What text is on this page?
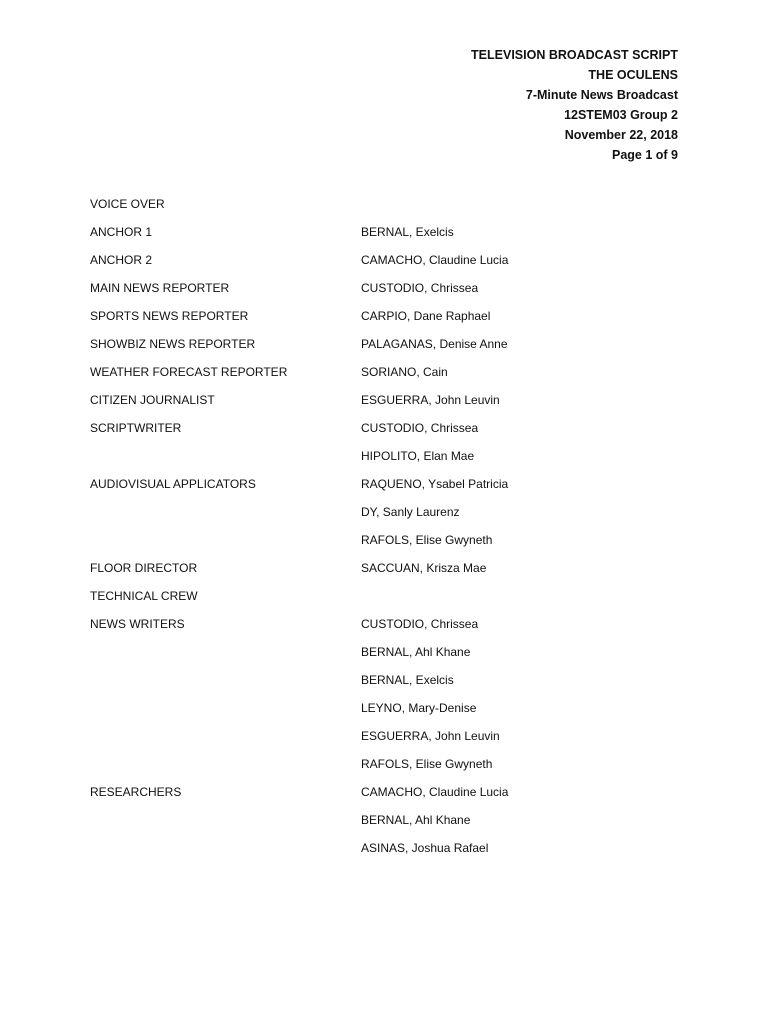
TELEVISION BROADCAST SCRIPT
THE OCULENS
7-Minute News Broadcast
12STEM03 Group 2
November 22, 2018
Page 1 of 9
VOICE OVER
ANCHOR 1	BERNAL, Exelcis
ANCHOR 2	CAMACHO, Claudine Lucia
MAIN NEWS REPORTER	CUSTODIO, Chrissea
SPORTS NEWS REPORTER	CARPIO, Dane Raphael
SHOWBIZ NEWS REPORTER	PALAGANAS, Denise Anne
WEATHER FORECAST REPORTER	SORIANO, Cain
CITIZEN JOURNALIST	ESGUERRA, John Leuvin
SCRIPTWRITER	CUSTODIO, Chrissea
HIPOLITO, Elan Mae
AUDIOVISUAL APPLICATORS	RAQUENO, Ysabel Patricia
DY, Sanly Laurenz
RAFOLS, Elise Gwyneth
FLOOR DIRECTOR	SACCUAN, Krisza Mae
TECHNICAL CREW
NEWS WRITERS	CUSTODIO, Chrissea
BERNAL, Ahl Khane
BERNAL, Exelcis
LEYNO, Mary-Denise
ESGUERRA, John Leuvin
RAFOLS, Elise Gwyneth
RESEARCHERS	CAMACHO, Claudine Lucia
BERNAL, Ahl Khane
ASINAS, Joshua Rafael
